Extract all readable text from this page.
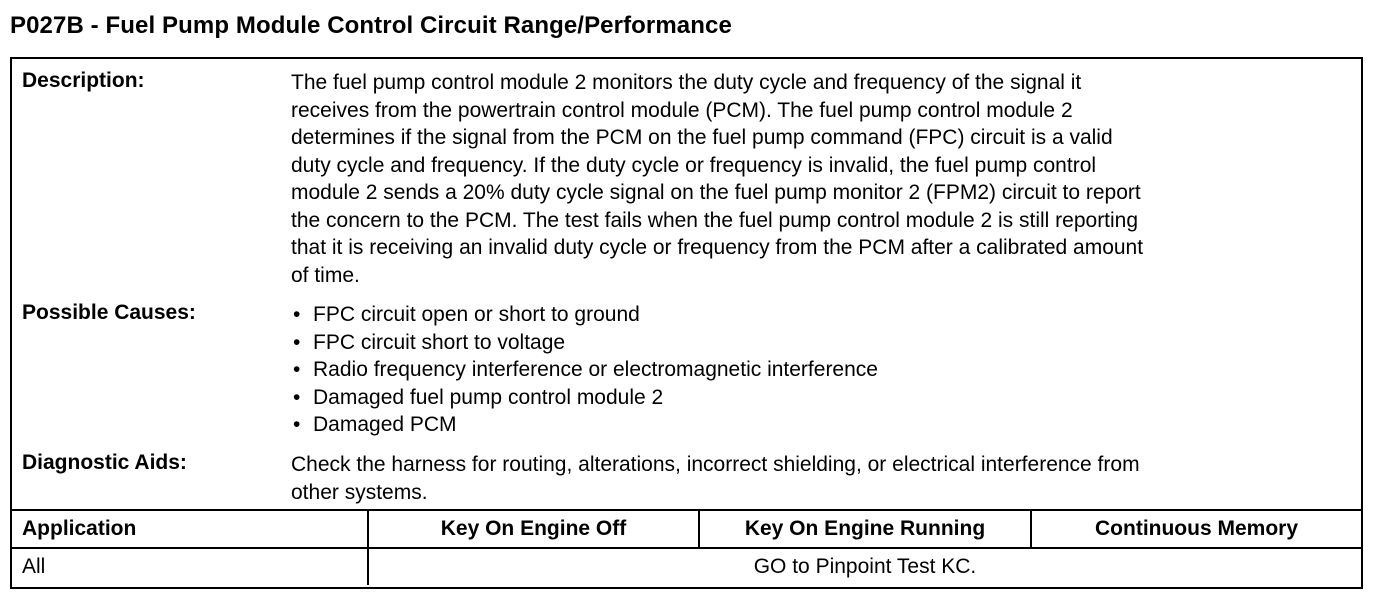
P027B - Fuel Pump Module Control Circuit Range/Performance
Description:	The fuel pump control module 2 monitors the duty cycle and frequency of the signal it

receives from the powertrain control module (PCM). The fuel pump control module 2

determines if the signal from the PCM on the fuel pump command (FPC) circuit is a valid

duty cycle and frequency. If the duty cycle or frequency is invalid, the fuel pump control

module 2 sends a 20% duty cycle signal on the fuel pump monitor 2 (FPM2) circuit to report

the concern to the PCM. The test fails when the fuel pump control module 2 is still reporting

that it is receiving an invalid duty cycle or frequency from the PCM after a calibrated amount

of time.

Possible Causes:	• FPC circuit open or short to ground
• FPC circuit short to voltage
• Radio frequency interference or electromagnetic interference
• Damaged fuel pump control module 2
• Damaged PCM
Diagnostic Aids:	Check the harness for routing, alterations, incorrect shielding, or electrical interference from

other systems.

Application	Key On Engine Off	Key On Engine Running	Continuous Memory
All	GO to Pinpoint Test KC.
